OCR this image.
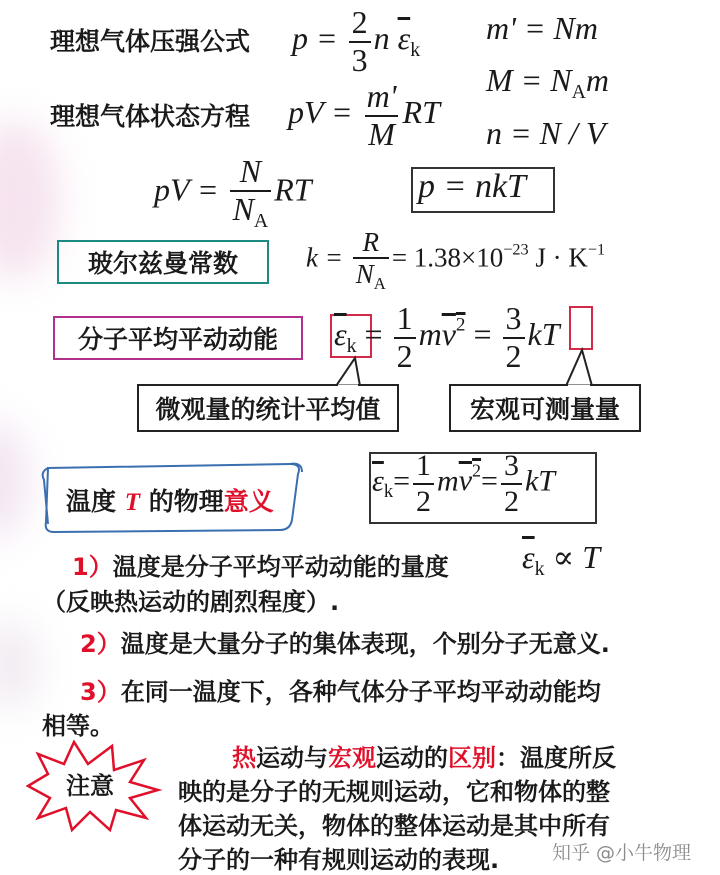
理想气体压强公式 $p = \frac{2}{3}$ n $\overline{\varepsilon}_k$
m' = Nm
$M = N_Am$
理想气体状态方程 pV = $\frac{m'}{M}$ RT
n = N / V
pV = $\frac{N}{N_A}$ RT	p = nkT
玻尔兹曼常数	$k = \frac{R}{N_A} = 1.38\times 10^{-23}$ $J \cdot K^{-1}$
分子平均平动动能	$\overline{\varepsilon}_k = \frac{1}{2} mv^2 = \frac{3}{2}$ kT
微观量的统计平均值	宏观可测量量
温度 T 的物理意义
$\overline{\varepsilon}_k= \frac{1}{2} mv^2= \frac{3}{2}$ kT
1）温度是分子平均平动动能的量度 $\overline{\varepsilon}_k \propto T$
（反映热运动的剧烈程度）.
2）温度是大量分子的集体表现，个别分子无意义.
3）在同一温度下，各种气体分子平均平动动能均
相等。
注意
热运动与宏观运动的区别：温度所反
映的是分子的无规则运动，它和物体的整
体运动无关，物体的整体运动是其中所有
分子的一种有规则运动的表现.	知乎 @小牛物理
